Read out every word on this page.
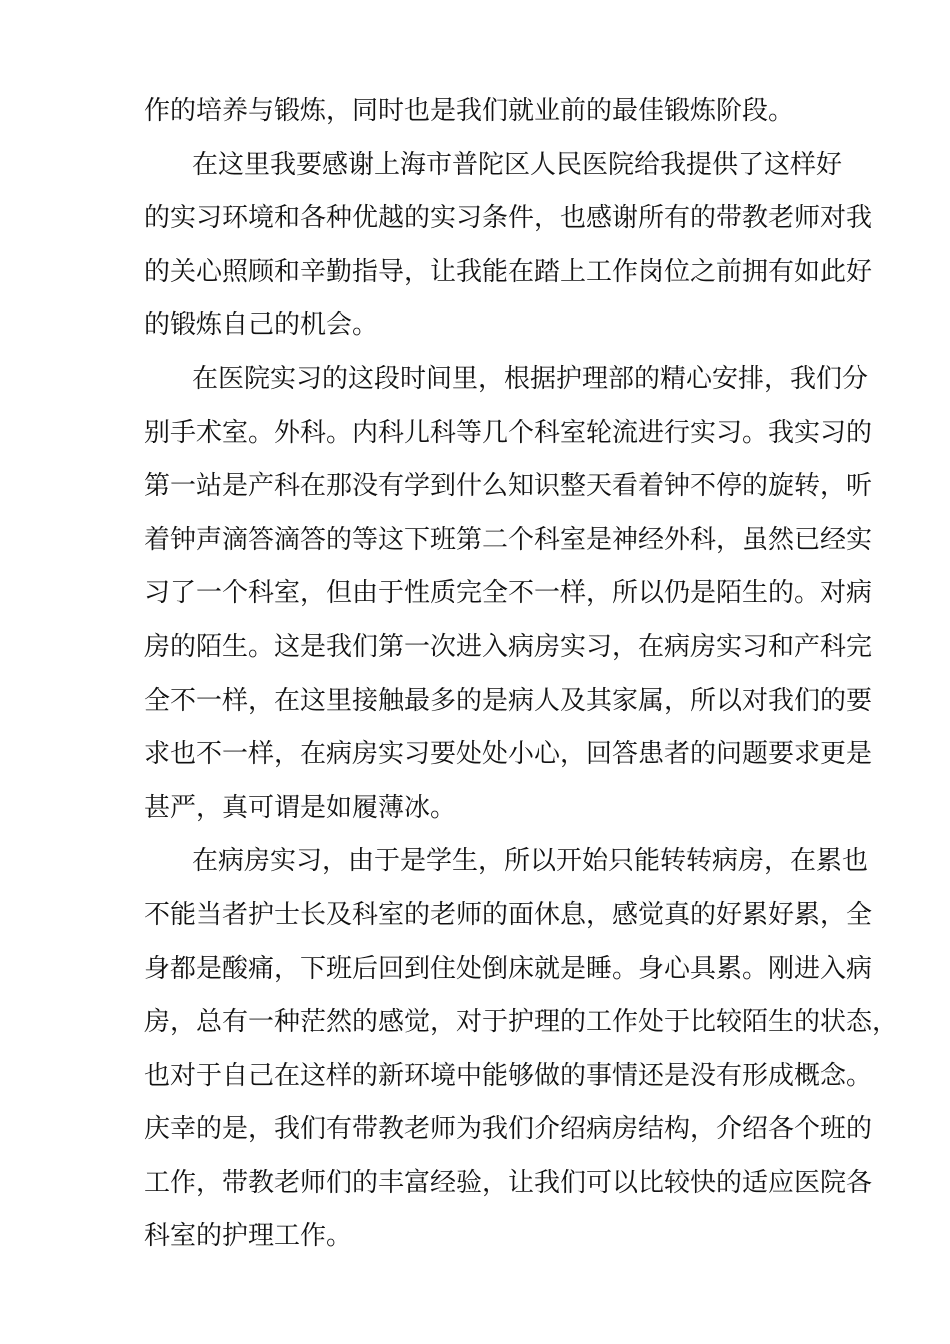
作的培养与锻炼，同时也是我们就业前的最佳锻炼阶段。
在这里我要感谢上海市普陀区人民医院给我提供了这样好
的实习环境和各种优越的实习条件，也感谢所有的带教老师对我
的关心照顾和辛勤指导，让我能在踏上工作岗位之前拥有如此好
的锻炼自己的机会。
在医院实习的这段时间里，根据护理部的精心安排，我们分
别手术室。外科。内科儿科等几个科室轮流进行实习。我实习的
第一站是产科在那没有学到什么知识整天看着钟不停的旋转，听
着钟声滴答滴答的等这下班第二个科室是神经外科，虽然已经实
习了一个科室，但由于性质完全不一样，所以仍是陌生的。对病
房的陌生。这是我们第一次进入病房实习，在病房实习和产科完
全不一样，在这里接触最多的是病人及其家属，所以对我们的要
求也不一样，在病房实习要处处小心，回答患者的问题要求更是
甚严，真可谓是如履薄冰。
在病房实习，由于是学生，所以开始只能转转病房，在累也
不能当者护士长及科室的老师的面休息，感觉真的好累好累，全
身都是酸痛，下班后回到住处倒床就是睡。身心具累。刚进入病
房，总有一种茫然的感觉，对于护理的工作处于比较陌生的状态，
也对于自己在这样的新环境中能够做的事情还是没有形成概念。
庆幸的是，我们有带教老师为我们介绍病房结构，介绍各个班的
工作，带教老师们的丰富经验，让我们可以比较快的适应医院各
科室的护理工作。
